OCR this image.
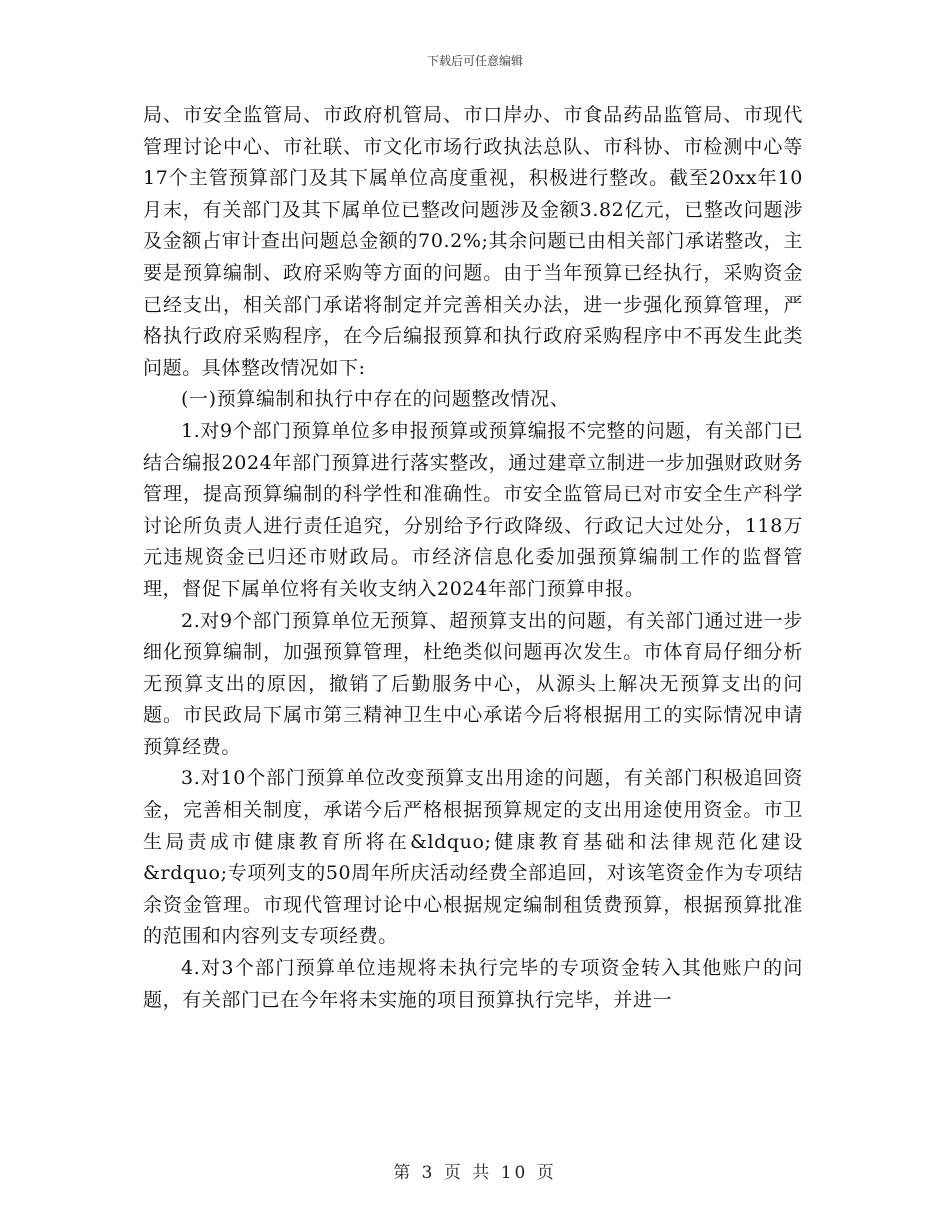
下载后可任意编辑

局、市安全监管局、市政府机管局、市口岸办、市食品药品监管局、市现代管理讨论中心、市社联、市文化市场行政执法总队、市科协、市检测中心等17个主管预算部门及其下属单位高度重视，积极进行整改。截至20xx年10月末，有关部门及其下属单位已整改问题涉及金额3.82亿元，已整改问题涉及金额占审计查出问题总金额的70.2%;其余问题已由相关部门承诺整改，主要是预算编制、政府采购等方面的问题。由于当年预算已经执行，采购资金已经支出，相关部门承诺将制定并完善相关办法，进一步强化预算管理，严格执行政府采购程序，在今后编报预算和执行政府采购程序中不再发生此类问题。具体整改情况如下:

(一)预算编制和执行中存在的问题整改情况、

1.对9个部门预算单位多申报预算或预算编报不完整的问题，有关部门已结合编报2024年部门预算进行落实整改，通过建章立制进一步加强财政财务管理，提高预算编制的科学性和准确性。市安全监管局已对市安全生产科学讨论所负责人进行责任追究，分别给予行政降级、行政记大过处分，118万元违规资金已归还市财政局。市经济信息化委加强预算编制工作的监督管理，督促下属单位将有关收支纳入2024年部门预算申报。

2.对9个部门预算单位无预算、超预算支出的问题，有关部门通过进一步细化预算编制，加强预算管理，杜绝类似问题再次发生。市体育局仔细分析无预算支出的原因，撤销了后勤服务中心，从源头上解决无预算支出的问题。市民政局下属市第三精神卫生中心承诺今后将根据用工的实际情况申请预算经费。

3.对10个部门预算单位改变预算支出用途的问题，有关部门积极追回资金，完善相关制度，承诺今后严格根据预算规定的支出用途使用资金。市卫生局责成市健康教育所将在&ldquo;健康教育基础和法律规范化建设&rdquo;专项列支的50周年所庆活动经费全部追回，对该笔资金作为专项结余资金管理。市现代管理讨论中心根据规定编制租赁费预算，根据预算批准的范围和内容列支专项经费。

4.对3个部门预算单位违规将未执行完毕的专项资金转入其他账户的问题，有关部门已在今年将未实施的项目预算执行完毕，并进一

第 3 页 共 10 页
